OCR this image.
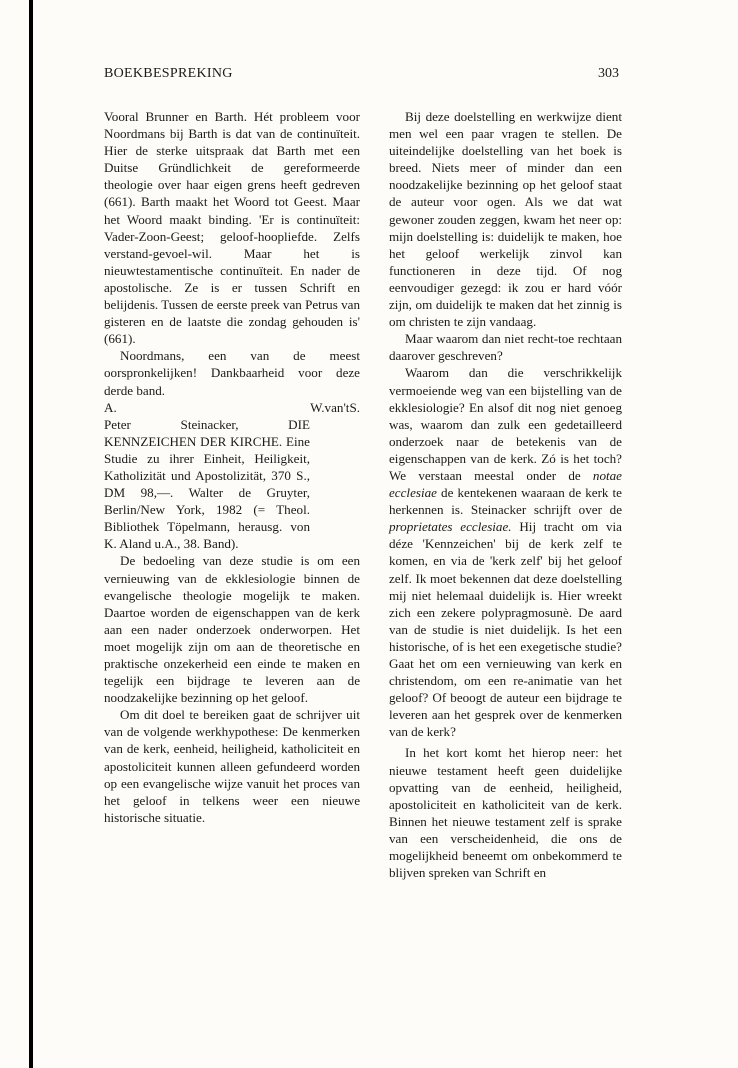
BOEKBESPREKING	303

Vooral Brunner en Barth. Hét probleem voor Noordmans bij Barth is dat van de continuïteit. Hier de sterke uitspraak dat Barth met een Duitse Gründlichkeit de gereformeerde theologie over haar eigen grens heeft gedreven (661). Barth maakt het Woord tot Geest. Maar het Woord maakt binding. 'Er is continuïteit: Vader-Zoon-Geest; geloof-hoopliefde. Zelfs verstand-gevoel-wil. Maar het is nieuwtestamentische continuïteit. En nader de apostolische. Ze is er tussen Schrift en belijdenis. Tussen de eerste preek van Petrus van gisteren en de laatste die zondag gehouden is' (661).

Noordmans, een van de meest oorspronkelijken! Dankbaarheid voor deze derde band.

A.	W.van'tS.

Peter Steinacker, DIE KENNZEICHEN DER KIRCHE. Eine Studie zu ihrer Einheit, Heiligkeit, Katholizität und Apostolizität, 370 S., DM 98,—. Walter de Gruyter, Berlin/New York, 1982 (= Theol. Bibliothek Töpelmann, herausg. von K. Aland u.A., 38. Band).

De bedoeling van deze studie is om een vernieuwing van de ekklesiologie binnen de evangelische theologie mogelijk te maken. Daartoe worden de eigenschappen van de kerk aan een nader onderzoek onderworpen. Het moet mogelijk zijn om aan de theoretische en praktische onzekerheid een einde te maken en tegelijk een bijdrage te leveren aan de noodzakelijke bezinning op het geloof.

Om dit doel te bereiken gaat de schrijver uit van de volgende werkhypothese: De kenmerken van de kerk, eenheid, heiligheid, katholiciteit en apostoliciteit kunnen alleen gefundeerd worden op een evangelische wijze vanuit het proces van het geloof in telkens weer een nieuwe historische situatie.

Bij deze doelstelling en werkwijze dient men wel een paar vragen te stellen. De uiteindelijke doelstelling van het boek is breed. Niets meer of minder dan een noodzakelijke bezinning op het geloof staat de auteur voor ogen. Als we dat wat gewoner zouden zeggen, kwam het neer op: mijn doelstelling is: duidelijk te maken, hoe het geloof werkelijk zinvol kan functioneren in deze tijd. Of nog eenvoudiger gezegd: ik zou er hard vóór zijn, om duidelijk te maken dat het zinnig is om christen te zijn vandaag.

Maar waarom dan niet recht-toe rechtaan daarover geschreven?

Waarom dan die verschrikkelijk vermoeiende weg van een bijstelling van de ekklesiologie? En alsof dit nog niet genoeg was, waarom dan zulk een gedetailleerd onderzoek naar de betekenis van de eigenschappen van de kerk. Zó is het toch? We verstaan meestal onder de notae ecclesiae de kentekenen waaraan de kerk te herkennen is. Steinacker schrijft over de proprietates ecclesiae. Hij tracht om via déze 'Kennzeichen' bij de kerk zelf te komen, en via de 'kerk zelf' bij het geloof zelf. Ik moet bekennen dat deze doelstelling mij niet helemaal duidelijk is. Hier wreekt zich een zekere polypragmosunè. De aard van de studie is niet duidelijk. Is het een historische, of is het een exegetische studie? Gaat het om een vernieuwing van kerk en christendom, om een re-animatie van het geloof? Of beoogt de auteur een bijdrage te leveren aan het gesprek over de kenmerken van de kerk?

In het kort komt het hierop neer: het nieuwe testament heeft geen duidelijke opvatting van de eenheid, heiligheid, apostoliciteit en katholiciteit van de kerk. Binnen het nieuwe testament zelf is sprake van een verscheidenheid, die ons de mogelijkheid beneemt om onbekommerd te blijven spreken van Schrift en
